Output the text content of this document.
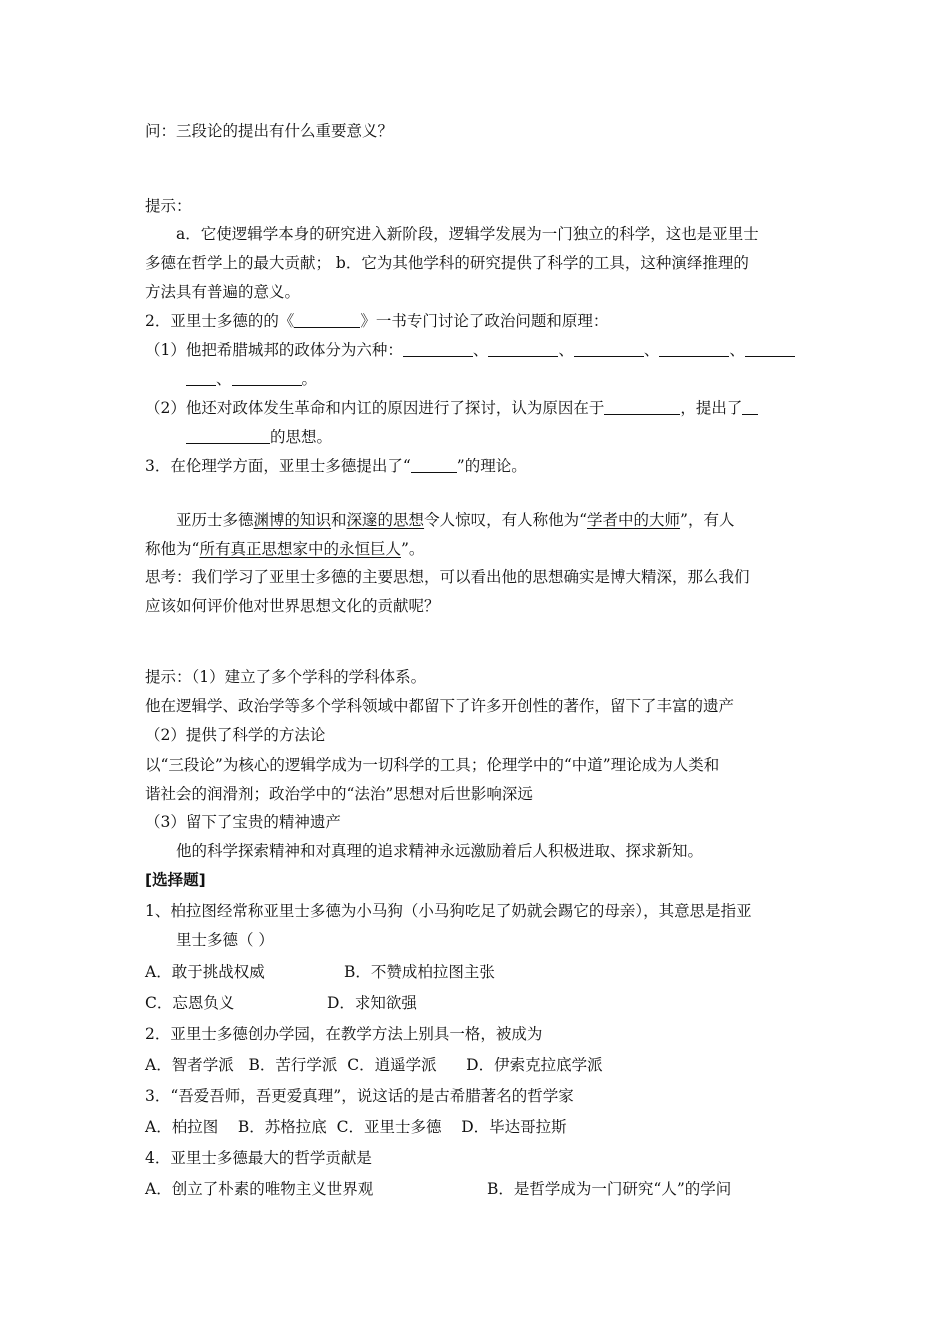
问：三段论的提出有什么重要意义？
提示：
a．它使逻辑学本身的研究进入新阶段，逻辑学发展为一门独立的科学，这也是亚里士
多德在哲学上的最大贡献； b．它为其他学科的研究提供了科学的工具，这种演绎推理的
方法具有普遍的意义。
2．亚里士多德的的《	》一书专门讨论了政治问题和原理：
（1）他把希腊城邦的政体分为六种：	、	、	、	、
、	。
（2）他还对政体发生革命和内讧的原因进行了探讨，认为原因在于	，提出了
的思想。
3．在伦理学方面，亚里士多德提出了“	”的理论。
亚历士多德渊博的知识和深邃的思想令人惊叹，有人称他为“学者中的大师”，有人
称他为“所有真正思想家中的永恒巨人”。
思考：我们学习了亚里士多德的主要思想，可以看出他的思想确实是博大精深，那么我们
应该如何评价他对世界思想文化的贡献呢？
提示：（1）建立了多个学科的学科体系。
他在逻辑学、政治学等多个学科领域中都留下了许多开创性的著作，留下了丰富的遗产
（2）提供了科学的方法论
以“三段论”为核心的逻辑学成为一切科学的工具；伦理学中的“中道”理论成为人类和
谐社会的润滑剂；政治学中的“法治”思想对后世影响深远
（3）留下了宝贵的精神遗产
他的科学探索精神和对真理的追求精神永远激励着后人积极进取、探求新知。
[选择题]
1、柏拉图经常称亚里士多德为小马狗（小马狗吃足了奶就会踢它的母亲），其意思是指亚
里士多德（ ）
A．敢于挑战权威	B．不赞成柏拉图主张
C．忘恩负义	D．求知欲强
2．亚里士多德创办学园，在教学方法上别具一格，被成为
A．智者学派   B．苦行学派  C．逍遥学派      D．伊索克拉底学派
3．“吾爱吾师，吾更爱真理”，说这话的是古希腊著名的哲学家
A．柏拉图    B．苏格拉底  C．亚里士多德    D．毕达哥拉斯
4．亚里士多德最大的哲学贡献是
A．创立了朴素的唯物主义世界观	B．是哲学成为一门研究“人”的学问
